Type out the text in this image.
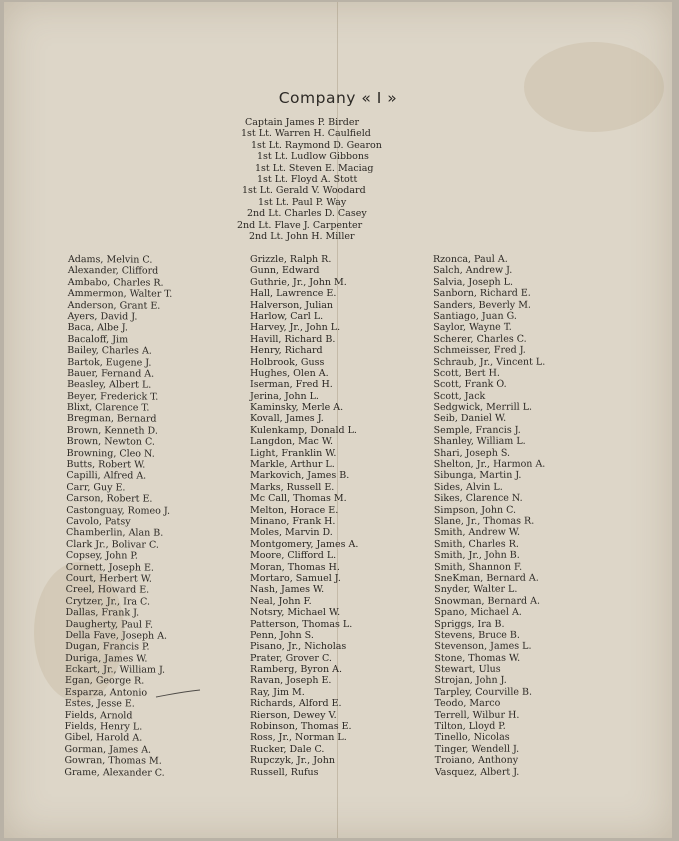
Company « I »
Captain James P. Birder
1st Lt. Warren H. Caulfield
1st Lt. Raymond D. Gearon
1st Lt. Ludlow Gibbons
1st Lt. Steven E. Maciag
1st Lt. Floyd A. Stott
1st Lt. Gerald V. Woodard
1st Lt. Paul P. Way
2nd Lt. Charles D. Casey
2nd Lt. Flave J. Carpenter
2nd Lt. John H. Miller
Adams, Melvin C.
Alexander, Clifford
Ambabo, Charles R.
Ammermon, Walter T.
Anderson, Grant E.
Ayers, David J.
Baca, Albe J.
Bacaloff, Jim
Bailey, Charles A.
Bartok, Eugene J.
Bauer, Fernand A.
Beasley, Albert L.
Beyer, Frederick T.
Blixt, Clarence T.
Bregman, Bernard
Brown, Kenneth D.
Brown, Newton C.
Browning, Cleo N.
Butts, Robert W.
Capilli, Alfred A.
Carr, Guy E.
Carson, Robert E.
Castonguay, Romeo J.
Cavolo, Patsy
Chamberlin, Alan B.
Clark Jr., Bolivar C.
Copsey, John P.
Cornett, Joseph E.
Court, Herbert W.
Creel, Howard E.
Crytzer, Jr., Ira C.
Dallas, Frank J.
Daugherty, Paul F.
Della Fave, Joseph A.
Dugan, Francis P.
Duriga, James W.
Eckart, Jr., William J.
Egan, George R.
Esparza, Antonio
Estes, Jesse E.
Fields, Arnold
Fields, Henry L.
Gibel, Harold A.
Gorman, James A.
Gowran, Thomas M.
Grame, Alexander C.
Grizzle, Ralph R.
Gunn, Edward
Guthrie, Jr., John M.
Hall, Lawrence E.
Halverson, Julian
Harlow, Carl L.
Harvey, Jr., John L.
Havill, Richard B.
Henry, Richard
Holbrook, Guss
Hughes, Olen A.
Iserman, Fred H.
Jerina, John L.
Kaminsky, Merle A.
Kovall, James J.
Kulenkamp, Donald L.
Langdon, Mac W.
Light, Franklin W.
Markle, Arthur L.
Markovich, James B.
Marks, Russell E.
Mc Call, Thomas M.
Melton, Horace E.
Minano, Frank H.
Moles, Marvin D.
Montgomery, James A.
Moore, Clifford L.
Moran, Thomas H.
Mortaro, Samuel J.
Nash, James W.
Neal, John F.
Notsry, Michael W.
Patterson, Thomas L.
Penn, John S.
Pisano, Jr., Nicholas
Prater, Grover C.
Ramberg, Byron A.
Ravan, Joseph E.
Ray, Jim M.
Richards, Alford E.
Rierson, Dewey V.
Robinson, Thomas E.
Ross, Jr., Norman L.
Rucker, Dale C.
Rupczyk, Jr., John
Russell, Rufus
Rzonca, Paul A.
Salch, Andrew J.
Salvia, Joseph L.
Sanborn, Richard E.
Sanders, Beverly M.
Santiago, Juan G.
Saylor, Wayne T.
Scherer, Charles C.
Schmeisser, Fred J.
Schraub, Jr., Vincent L.
Scott, Bert H.
Scott, Frank O.
Scott, Jack
Sedgwick, Merrill L.
Seib, Daniel W.
Semple, Francis J.
Shanley, William L.
Shari, Joseph S.
Shelton, Jr., Harmon A.
Sibunga, Martin J.
Sides, Alvin L.
Sikes, Clarence N.
Simpson, John C.
Slane, Jr., Thomas R.
Smith, Andrew W.
Smith, Charles R.
Smith, Jr., John B.
Smith, Shannon F.
SneKman, Bernard A.
Snyder, Walter L.
Snowman, Bernard A.
Spano, Michael A.
Spriggs, Ira B.
Stevens, Bruce B.
Stevenson, James L.
Stone, Thomas W.
Stewart, Ulus
Strojan, John J.
Tarpley, Courville B.
Teodo, Marco
Terrell, Wilbur H.
Tilton, Lloyd P.
Tinello, Nicolas
Tinger, Wendell J.
Troiano, Anthony
Vasquez, Albert J.
